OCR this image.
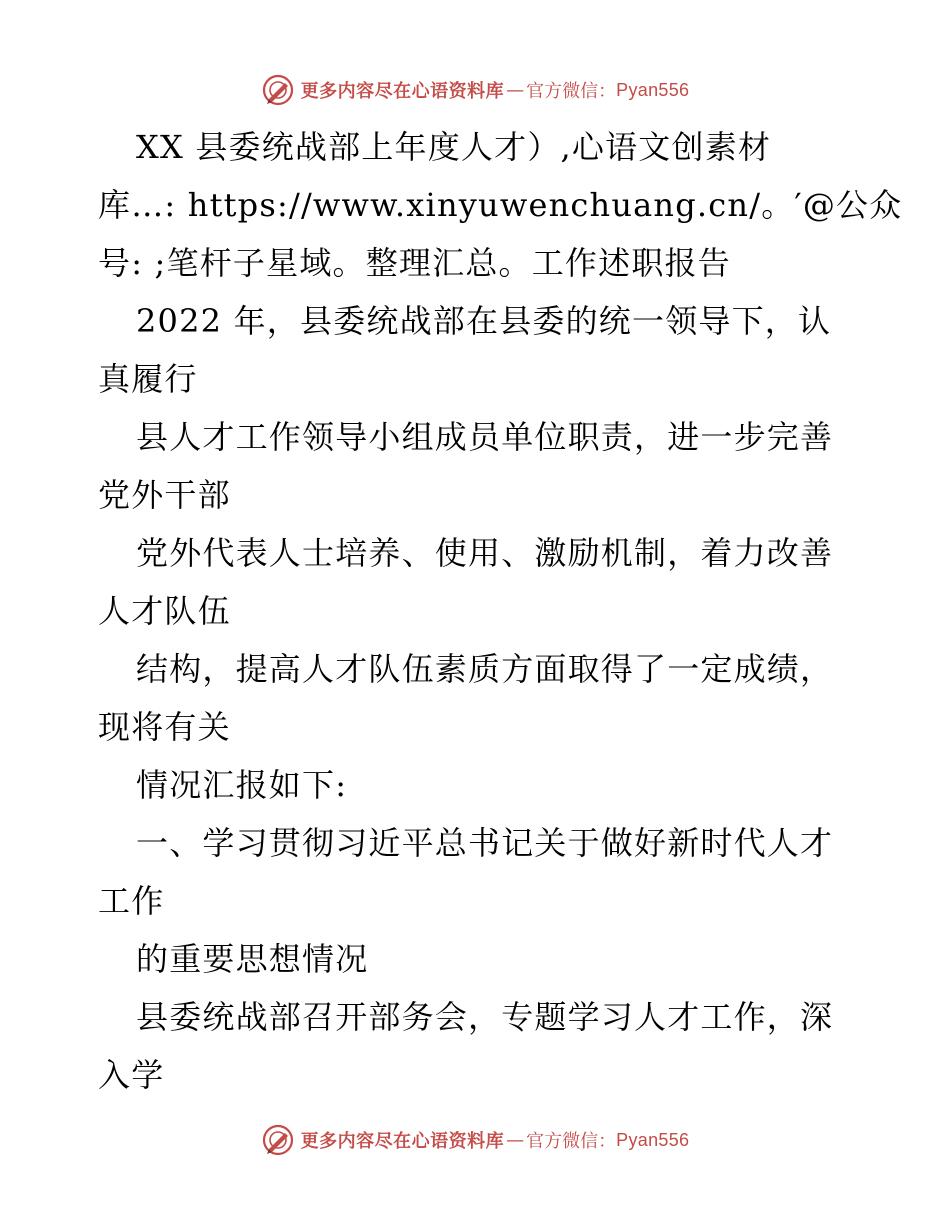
更多内容尽在心语资料库 — 官方微信： Pyan556
XX 县委统战部上年度人才）,心语文创素材
库…: https://www.xinyuwenchuang.cn/。′@公众
号: ;笔杆子星域。整理汇总。工作述职报告
2022 年，县委统战部在县委的统一领导下，认
真履行
县人才工作领导小组成员单位职责，进一步完善
党外干部
党外代表人士培养、使用、激励机制，着力改善
人才队伍
结构，提高人才队伍素质方面取得了一定成绩，
现将有关
情况汇报如下:
一、学习贯彻习近平总书记关于做好新时代人才
工作
的重要思想情况
县委统战部召开部务会，专题学习人才工作，深
入学
更多内容尽在心语资料库 — 官方微信： Pyan556
